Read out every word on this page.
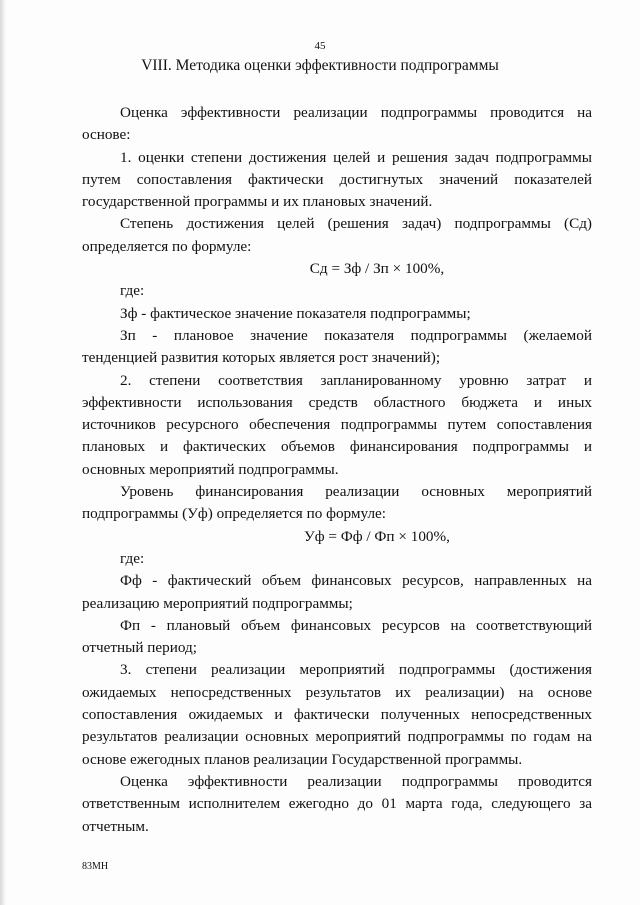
45
VIII. Методика оценки эффективности подпрограммы

Оценка эффективности реализации подпрограммы проводится на основе:

1. оценки степени достижения целей и решения задач подпрограммы путем сопоставления фактически достигнутых значений показателей государственной программы и их плановых значений.

Степень достижения целей (решения задач) подпрограммы (Сд) определяется по формуле:

Сд = Зф / Зп × 100%,

где:

Зф - фактическое значение показателя подпрограммы;

Зп - плановое значение показателя подпрограммы (желаемой тенденцией развития которых является рост значений);

2. степени соответствия запланированному уровню затрат и эффективности использования средств областного бюджета и иных источников ресурсного обеспечения подпрограммы путем сопоставления плановых и фактических объемов финансирования подпрограммы и основных мероприятий подпрограммы.

Уровень финансирования реализации основных мероприятий подпрограммы (Уф) определяется по формуле:

Уф = Фф / Фп × 100%,

где:

Фф - фактический объем финансовых ресурсов, направленных на реализацию мероприятий подпрограммы;

Фп - плановый объем финансовых ресурсов на соответствующий отчетный период;

3. степени реализации мероприятий подпрограммы (достижения ожидаемых непосредственных результатов их реализации) на основе сопоставления ожидаемых и фактически полученных непосредственных результатов реализации основных мероприятий подпрограммы по годам на основе ежегодных планов реализации Государственной программы.

Оценка эффективности реализации подпрограммы проводится ответственным исполнителем ежегодно до 01 марта года, следующего за отчетным.

83МН
